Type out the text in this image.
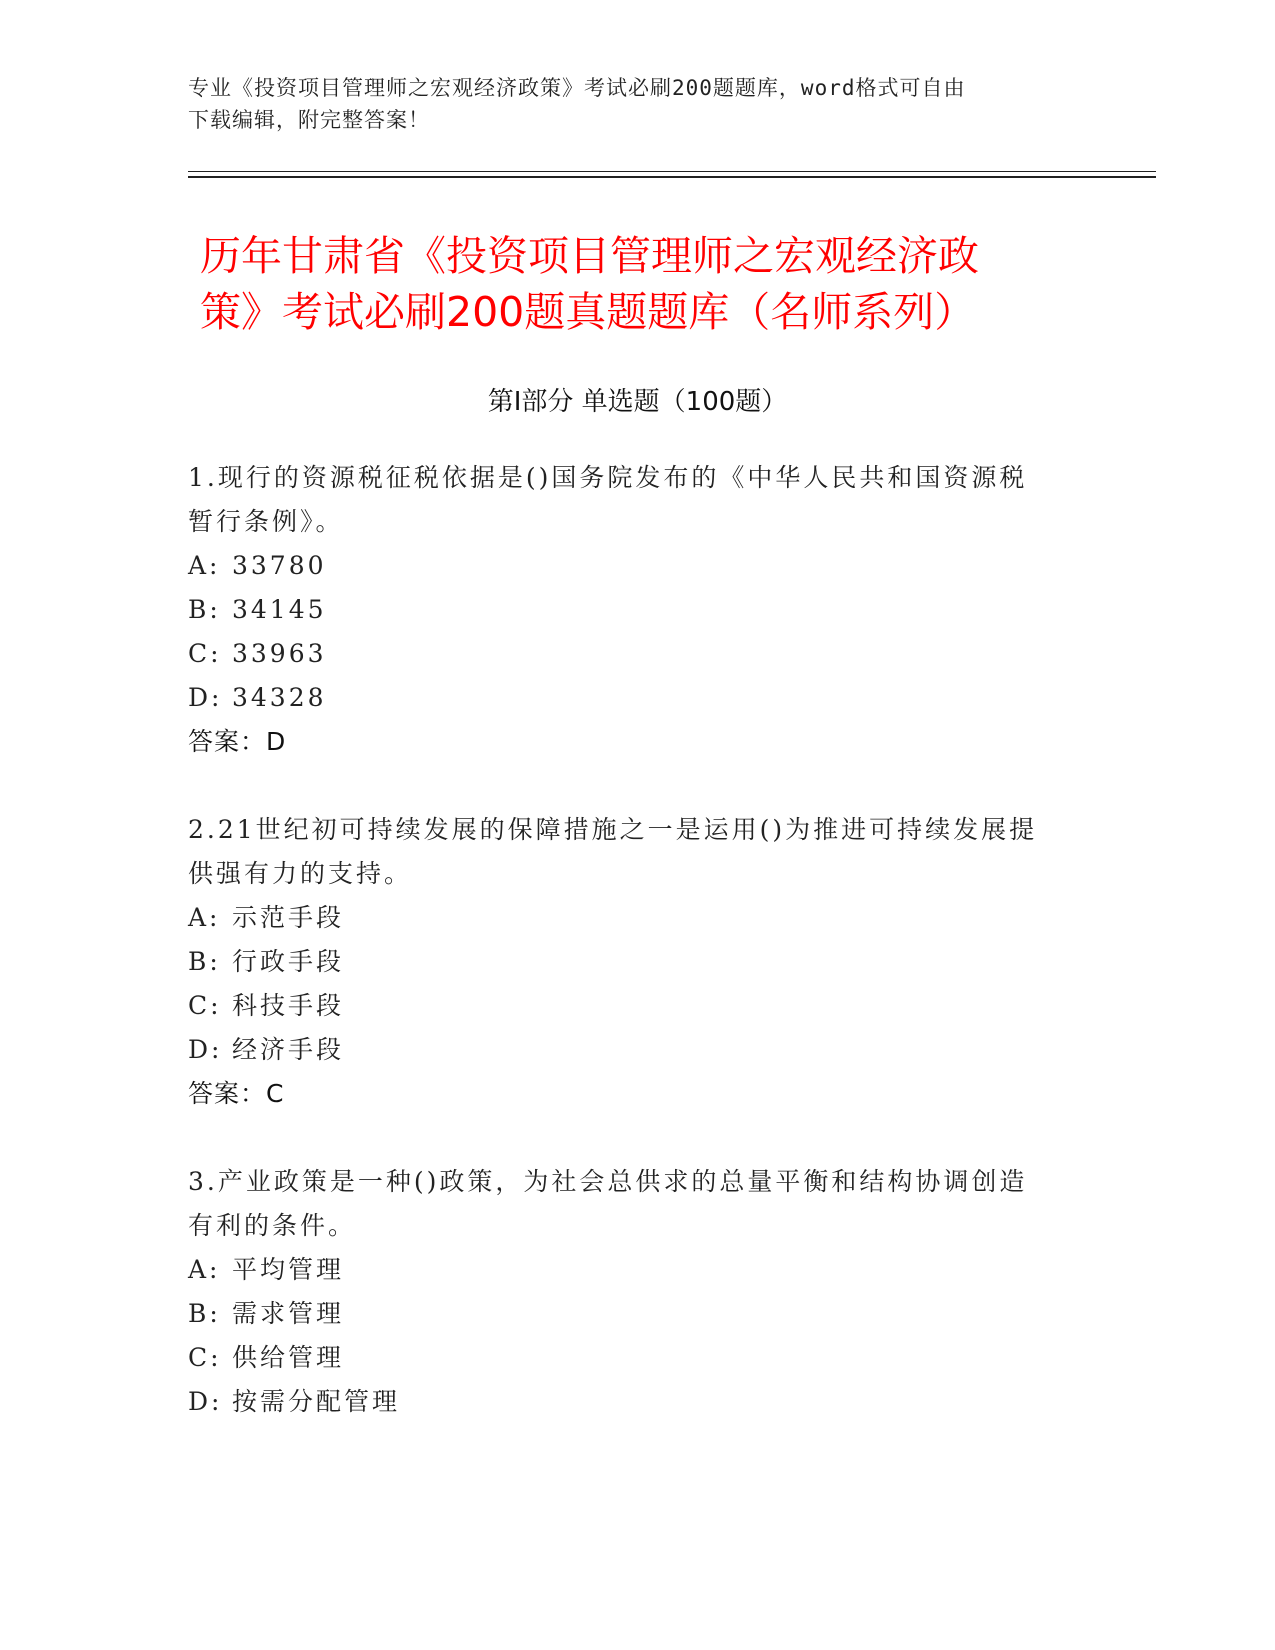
专业《投资项目管理师之宏观经济政策》考试必刷200题题库，word格式可自由
下载编辑，附完整答案！
历年甘肃省《投资项目管理师之宏观经济政
策》考试必刷200题真题题库（名师系列）
第Ⅰ部分 单选题（100题）
1.现行的资源税征税依据是()国务院发布的《中华人民共和国资源税
暂行条例》。
A: 33780
B: 34145
C: 33963
D: 34328
答案：D
2.21世纪初可持续发展的保障措施之一是运用()为推进可持续发展提
供强有力的支持。
A: 示范手段
B: 行政手段
C: 科技手段
D: 经济手段
答案：C
3.产业政策是一种()政策，为社会总供求的总量平衡和结构协调创造
有利的条件。
A: 平均管理
B: 需求管理
C: 供给管理
D: 按需分配管理
